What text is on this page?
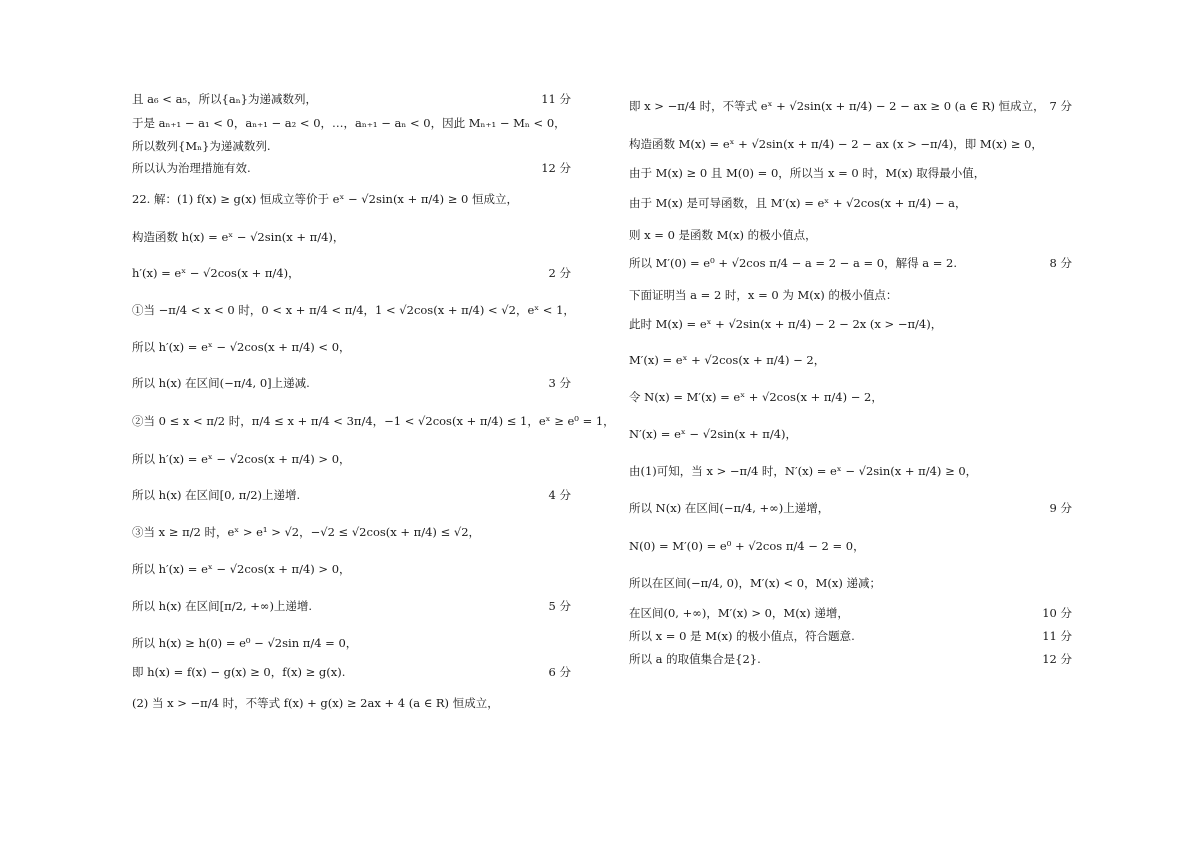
且 a₆ < a₅，所以{aₙ}为递减数列，	11 分
于是 aₙ₊₁ − a₁ < 0，aₙ₊₁ − a₂ < 0，…，aₙ₊₁ − aₙ < 0，因此 Mₙ₊₁ − Mₙ < 0，
所以数列{Mₙ}为递减数列.
所以认为治理措施有效.	12 分
22. 解：(1) f(x) ≥ g(x) 恒成立等价于 eˣ − √2sin(x + π/4) ≥ 0 恒成立，
构造函数 h(x) = eˣ − √2sin(x + π/4)，
h′(x) = eˣ − √2cos(x + π/4)，	2 分
①当 −π/4 < x < 0 时，0 < x + π/4 < π/4，1 < √2cos(x + π/4) < √2，eˣ < 1，
所以 h′(x) = eˣ − √2cos(x + π/4) < 0，
所以 h(x) 在区间(−π/4, 0]上递减.	3 分
②当 0 ≤ x < π/2 时，π/4 ≤ x + π/4 < 3π/4，−1 < √2cos(x + π/4) ≤ 1，eˣ ≥ e⁰ = 1，
所以 h′(x) = eˣ − √2cos(x + π/4) > 0，
所以 h(x) 在区间[0, π/2)上递增.	4 分
③当 x ≥ π/2 时，eˣ > e¹ > √2，−√2 ≤ √2cos(x + π/4) ≤ √2，
所以 h′(x) = eˣ − √2cos(x + π/4) > 0，
所以 h(x) 在区间[π/2, +∞)上递增.	5 分
所以 h(x) ≥ h(0) = e⁰ − √2sin π/4 = 0，
即 h(x) = f(x) − g(x) ≥ 0，f(x) ≥ g(x).	6 分
(2) 当 x > −π/4 时，不等式 f(x) + g(x) ≥ 2ax + 4 (a ∈ R) 恒成立，
即 x > −π/4 时，不等式 eˣ + √2sin(x + π/4) − 2 − ax ≥ 0 (a ∈ R) 恒成立， 7 分
构造函数 M(x) = eˣ + √2sin(x + π/4) − 2 − ax (x > −π/4)，即 M(x) ≥ 0，
由于 M(x) ≥ 0 且 M(0) = 0，所以当 x = 0 时，M(x) 取得最小值，
由于 M(x) 是可导函数，且 M′(x) = eˣ + √2cos(x + π/4) − a，
则 x = 0 是函数 M(x) 的极小值点，
所以 M′(0) = e⁰ + √2cos π/4 − a = 2 − a = 0，解得 a = 2.	8 分
下面证明当 a = 2 时，x = 0 为 M(x) 的极小值点：
此时 M(x) = eˣ + √2sin(x + π/4) − 2 − 2x (x > −π/4)，
M′(x) = eˣ + √2cos(x + π/4) − 2，
令 N(x) = M′(x) = eˣ + √2cos(x + π/4) − 2，
N′(x) = eˣ − √2sin(x + π/4)，
由(1)可知，当 x > −π/4 时，N′(x) = eˣ − √2sin(x + π/4) ≥ 0，
所以 N(x) 在区间(−π/4, +∞)上递增，	9 分
N(0) = M′(0) = e⁰ + √2cos π/4 − 2 = 0，
所以在区间(−π/4, 0)，M′(x) < 0，M(x) 递减；
在区间(0, +∞)，M′(x) > 0，M(x) 递增，	10 分
所以 x = 0 是 M(x) 的极小值点，符合题意.	11 分
所以 a 的取值集合是{2}.	12 分
